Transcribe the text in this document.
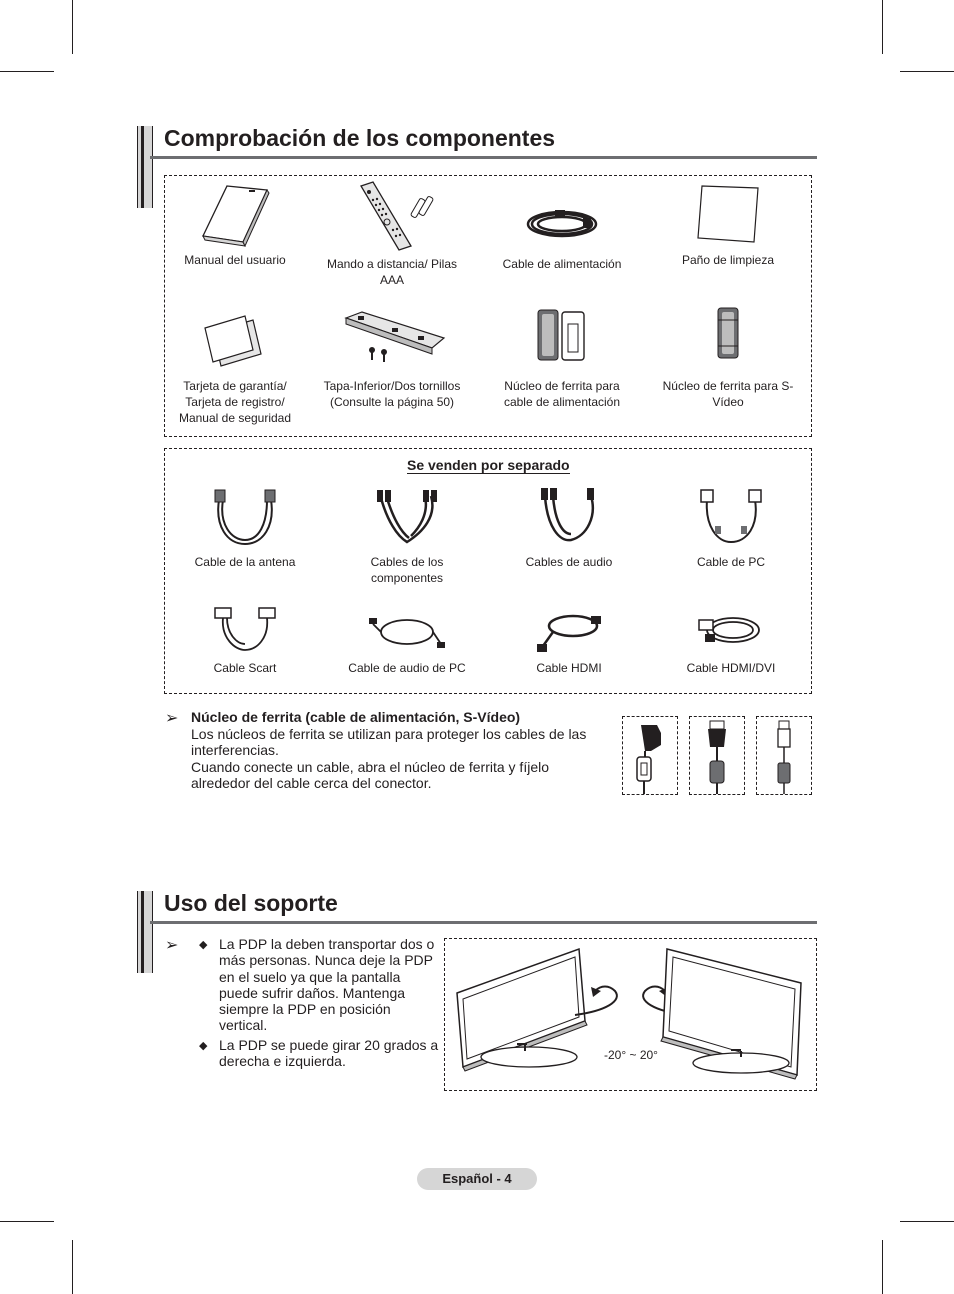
Comprobación de los componentes
Manual del usuario	Mando a distancia/ Pilas AAA
Cable de alimentación	Paño de limpieza
Tarjeta de garantía/ Tarjeta de registro/ Manual de seguridad
Tapa-Inferior/Dos tornillos (Consulte la página 50)
Núcleo de ferrita para cable de alimentación
Núcleo de ferrita para S-Vídeo
Se venden por separado
Cable de la antena	Cables de los componentes
Cables de audio	Cable de PC
Cable Scart	Cable de audio de PC	Cable HDMI	Cable HDMI/DVI
➢ Núcleo de ferrita (cable de alimentación, S-Vídeo)
Los núcleos de ferrita se utilizan para proteger los cables de las interferencias.
Cuando conecte un cable, abra el núcleo de ferrita y fíjelo alrededor del cable cerca del conector.
Uso del soporte
➢ ◆ La PDP la deben transportar dos o más personas. Nunca deje la PDP en el suelo ya que la pantalla puede sufrir daños. Mantenga siempre la PDP en posición vertical.
◆ La PDP se puede girar 20 grados a derecha e izquierda.	-20° ~ 20°
Español - 4
